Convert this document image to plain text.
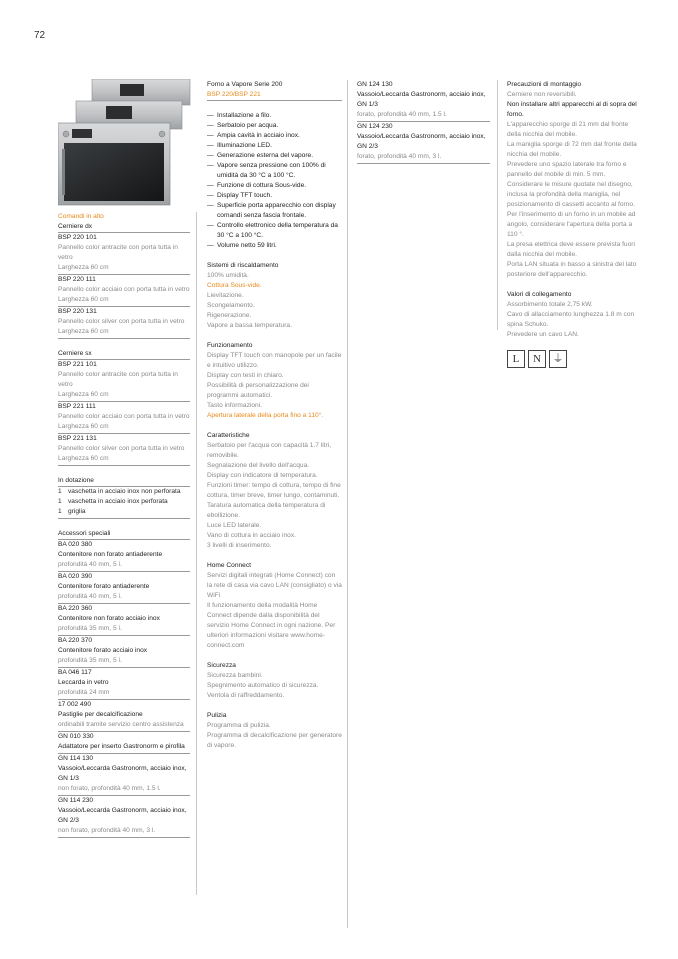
72
Comandi in alto
Cerniere dx
BSP 220 101
Pannello color antracite con porta tutta in vetro
Larghezza 60 cm
BSP 220 111
Pannello color acciaio con porta tutta in vetro
Larghezza 60 cm
BSP 220 131
Pannello color silver con porta tutta in vetro
Larghezza 60 cm
Cerniere sx
BSP 221 101
Pannello color antracite con porta tutta in vetro
Larghezza 60 cm
BSP 221 111
Pannello color acciaio con porta tutta in vetro
Larghezza 60 cm
BSP 221 131
Pannello color silver con porta tutta in vetro
Larghezza 60 cm
In dotazione
1 vaschetta in acciaio inox non perforata
1 vaschetta in acciaio inox perforata
1 griglia
Accessori speciali
BA 020 380
Contenitore non forato antiaderente
profondità 40 mm, 5 l.
BA 020 390
Contenitore forato antiaderente
profondità 40 mm, 5 l.
BA 220 360
Contenitore non forato acciaio inox
profondità 35 mm, 5 l.
BA 220 370
Contenitore forato acciaio inox
profondità 35 mm, 5 l.
BA 046 117
Leccarda in vetro
profondità 24 mm
17 002 490
Pastiglie per decalcificazione
ordinabili tramite servizio centro assistenza
GN 010 330
Adattatore per inserto Gastronorm e pirofila
GN 114 130
Vassoio/Leccarda Gastronorm, acciaio inox, GN 1/3
non forato, profondità 40 mm, 1.5 l.
GN 114 230
Vassoio/Leccarda Gastronorm, acciaio inox, GN 2/3
non forato, profondità 40 mm, 3 l.
Forno a Vapore Serie 200
BSP 220/BSP 221
— Installazione a filo.
— Serbatoio per acqua.
— Ampia cavità in acciaio inox.
— Illuminazione LED.
— Generazione esterna del vapore.
— Vapore senza pressione con 100% di umidità da 30 °C a 100 °C.
— Funzione di cottura Sous-vide.
— Display TFT touch.
— Superficie porta apparecchio con display comandi senza fascia frontale.
— Controllo elettronico della temperatura da 30 °C a 100 °C.
— Volume netto 59 litri.
Sistemi di riscaldamento
100% umidità.
Cottura Sous-vide.
Lievitazione.
Scongelamento.
Rigenerazione.
Vapore a bassa temperatura.
Funzionamento
Display TFT touch con manopole per un facile e intuitivo utilizzo.
Display con testi in chiaro.
Possibilità di personalizzazione dei programmi automatici.
Tasto informazioni.
Apertura laterale della porta fino a 110°.
Caratteristiche
Serbatoio per l'acqua con capacità 1.7 litri, removibile.
Segnalazione del livello dell'acqua.
Display con indicatore di temperatura.
Funzioni timer: tempo di cottura, tempo di fine cottura, timer breve, timer lungo, contaminuti.
Taratura automatica della temperatura di ebollizione.
Luce LED laterale.
Vano di cottura in acciaio inox.
3 livelli di inserimento.
Home Connect
Servizi digitali integrati (Home Connect) con la rete di casa via cavo LAN (consigliato) o via WiFi
Il funzionamento della modalità Home Connect dipende dalla disponibilità del servizio Home Connect in ogni nazione. Per ulteriori informazioni visitare www.home-connect.com
Sicurezza
Sicurezza bambini.
Spegnimento automatico di sicurezza.
Ventola di raffreddamento.
Pulizia
Programma di pulizia.
Programma di decalcificazione per generatore di vapore.
GN 124 130
Vassoio/Leccarda Gastronorm, acciaio inox, GN 1/3
forato, profondità 40 mm, 1.5 l.
GN 124 230
Vassoio/Leccarda Gastronorm, acciaio inox, GN 2/3
forato, profondità 40 mm, 3 l.
Precauzioni di montaggio
Cerniere non reversibili.
Non installare altri apparecchi al di sopra del forno.
L'apparecchio sporge di 21 mm dal fronte della nicchia del mobile.
La maniglia sporge di 72 mm dal fronte della nicchia del mobile.
Prevedere uno spazio laterale tra forno e pannello del mobile di min. 5 mm.
Considerare le misure quotate nel disegno, inclusa la profondità della maniglia, nel posizionamento di cassetti accanto al forno.
Per l'inserimento di un forno in un mobile ad angolo, considerare l'apertura della porta a 110 °.
La presa elettrica deve essere prevista fuori dalla nicchia del mobile.
Porta LAN situata in basso a sinistra del lato posteriore dell'apparecchio.
Valori di collegamento
Assorbimento totale 2,75 kW.
Cavo di allacciamento lunghezza 1.8 m con spina Schuko.
Prevedere un cavo LAN.
L	N	⏚
